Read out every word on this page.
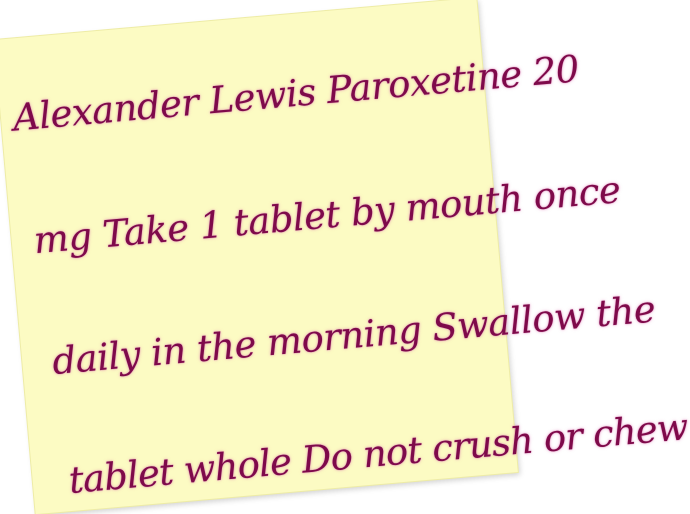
Alexander Lewis Paroxetine 20
mg Take 1 tablet by mouth once
daily in the morning Swallow the
tablet whole Do not crush or chew
